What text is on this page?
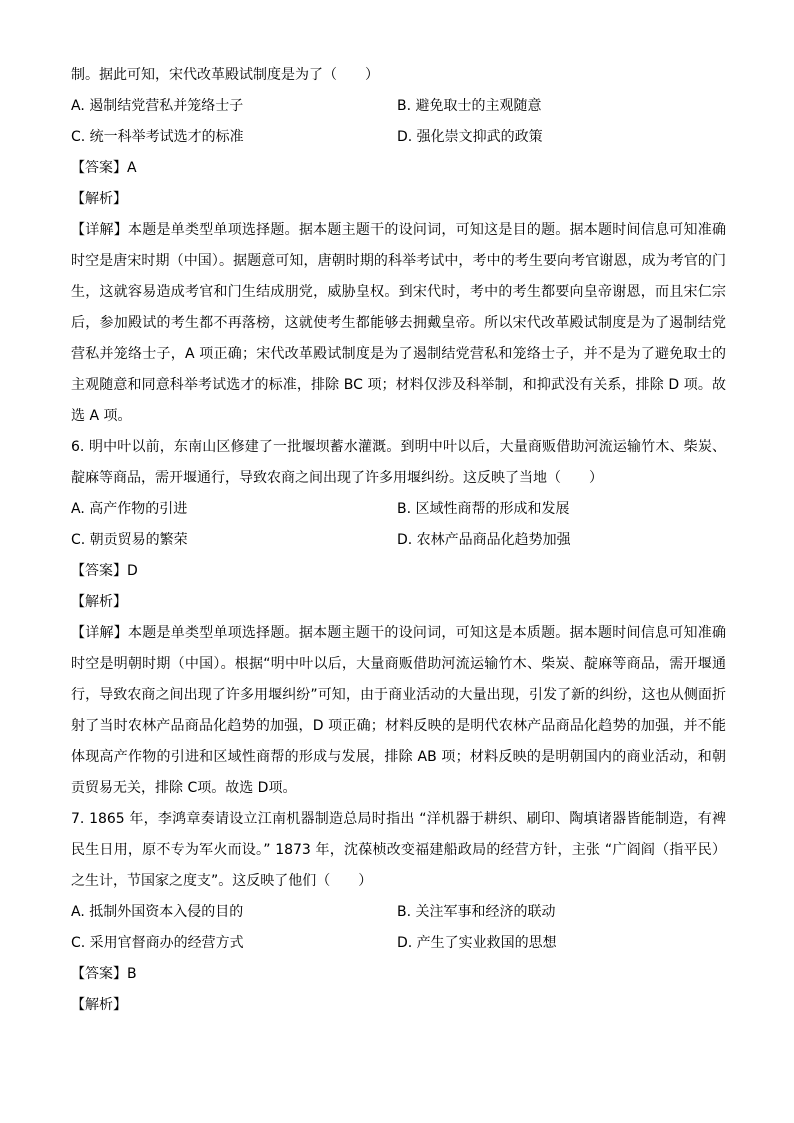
制。据此可知，宋代改革殿试制度是为了（　　）
A. 遏制结党营私并笼络士子	B. 避免取士的主观随意
C. 统一科举考试选才的标准	D. 强化崇文抑武的政策
【答案】A
【解析】
【详解】本题是单类型单项选择题。据本题主题干的设问词，可知这是目的题。据本题时间信息可知准确时空是唐宋时期（中国）。据题意可知，唐朝时期的科举考试中，考中的考生要向考官谢恩，成为考官的门生，这就容易造成考官和门生结成朋党，威胁皇权。到宋代时，考中的考生都要向皇帝谢恩，而且宋仁宗后，参加殿试的考生都不再落榜，这就使考生都能够去拥戴皇帝。所以宋代改革殿试制度是为了遏制结党营私并笼络士子，A 项正确；宋代改革殿试制度是为了遏制结党营私和笼络士子，并不是为了避免取士的主观随意和同意科举考试选才的标准，排除 BC 项；材料仅涉及科举制，和抑武没有关系，排除 D 项。故选 A 项。
6. 明中叶以前，东南山区修建了一批堰坝蓄水灌溉。到明中叶以后，大量商贩借助河流运输竹木、柴炭、靛麻等商品，需开堰通行，导致农商之间出现了许多用堰纠纷。这反映了当地（　　）
A. 高产作物的引进	B. 区域性商帮的形成和发展
C. 朝贡贸易的繁荣	D. 农林产品商品化趋势加强
【答案】D
【解析】
【详解】本题是单类型单项选择题。据本题主题干的设问词，可知这是本质题。据本题时间信息可知准确时空是明朝时期（中国）。根据“明中叶以后，大量商贩借助河流运输竹木、柴炭、靛麻等商品，需开堰通行，导致农商之间出现了许多用堰纠纷”可知，由于商业活动的大量出现，引发了新的纠纷，这也从侧面折射了当时农林产品商品化趋势的加强，D 项正确；材料反映的是明代农林产品商品化趋势的加强，并不能体现高产作物的引进和区域性商帮的形成与发展，排除 AB 项；材料反映的是明朝国内的商业活动，和朝贡贸易无关，排除 C项。故选 D项。
7. 1865 年，李鸿章奏请设立江南机器制造总局时指出 “洋机器于耕织、刷印、陶填诸器皆能制造，有裨民生日用，原不专为军火而设。” 1873 年，沈葆桢改变福建船政局的经营方针，主张 “广阎阎（指平民）之生计，节国家之度支”。这反映了他们（　　）
A. 抵制外国资本入侵的目的	B. 关注军事和经济的联动
C. 采用官督商办的经营方式	D. 产生了实业救国的思想
【答案】B
【解析】
